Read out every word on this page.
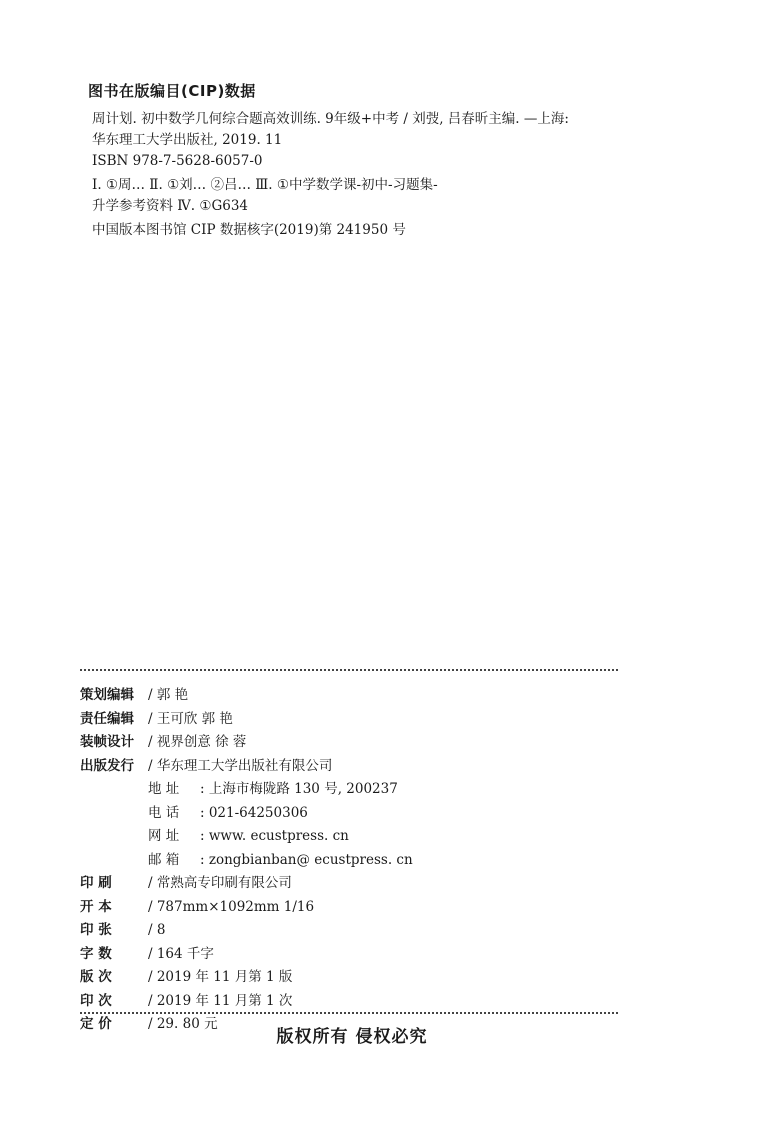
图书在版编目(CIP)数据

周计划. 初中数学几何综合题高效训练. 9年级+中考 / 刘弢, 吕春昕主编. —上海:

华东理工大学出版社, 2019. 11

ISBN 978-7-5628-6057-0

Ⅰ. ①周… Ⅱ. ①刘… ②吕… Ⅲ. ①中学数学课-初中-习题集-

升学参考资料 Ⅳ. ①G634

中国版本图书馆 CIP 数据核字(2019)第 241950 号

策划编辑	/ 郭 艳
责任编辑	/ 王可欣 郭 艳
装帧设计	/ 视界创意 徐 蓉
出版发行	/ 华东理工大学出版社有限公司
地 址	: 上海市梅陇路 130 号, 200237
电 话	: 021-64250306
网 址	: www. ecustpress. cn
邮 箱	: zongbianban@ ecustpress. cn
印 刷	/ 常熟高专印刷有限公司
开 本	/ 787mm×1092mm 1/16
印 张	/ 8
字 数	/ 164 千字
版 次	/ 2019 年 11 月第 1 版
印 次	/ 2019 年 11 月第 1 次
定 价	/ 29. 80 元
版权所有 侵权必究
